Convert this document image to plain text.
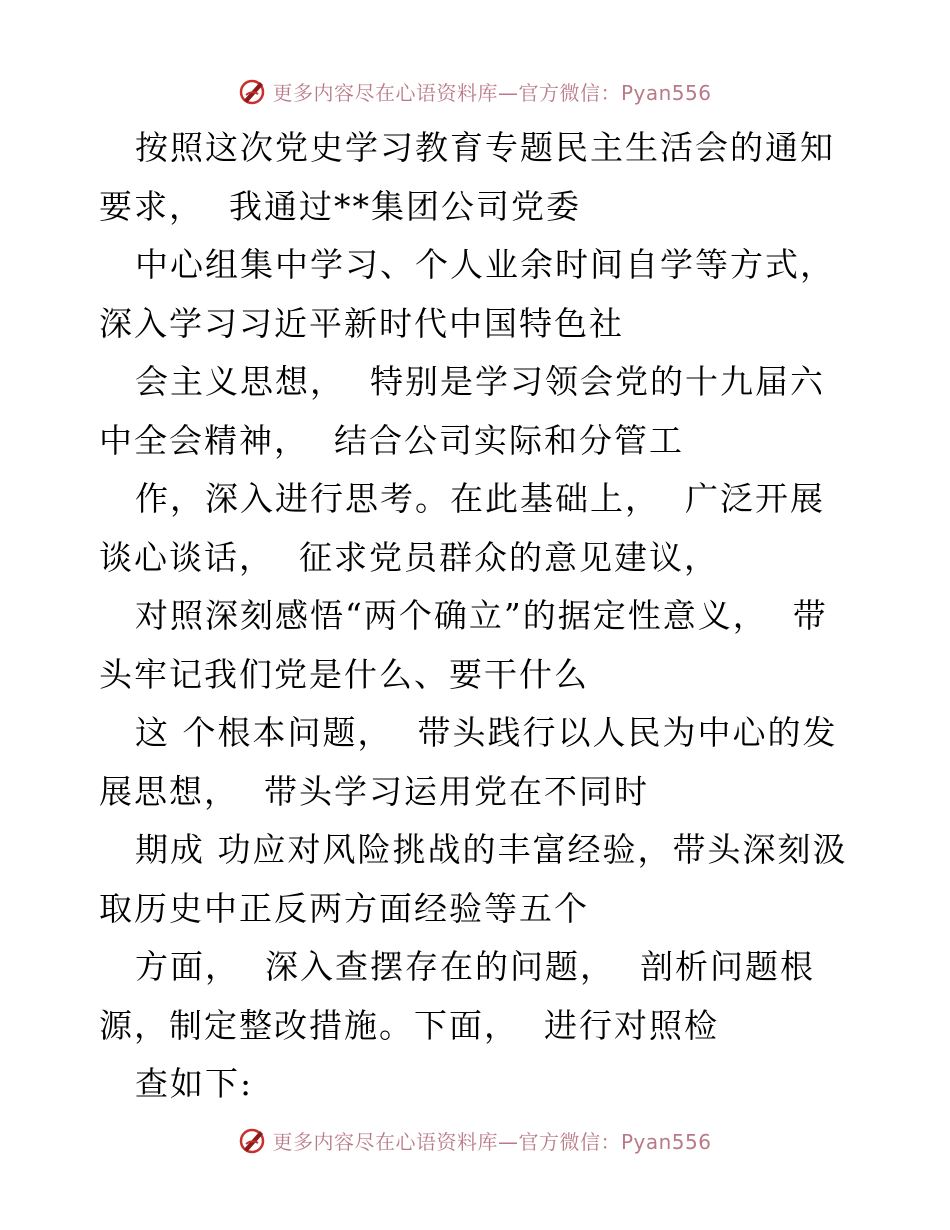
更多内容尽在心语资料库—官方微信：Pyan556

按照这次党史学习教育专题民主生活会的通知要求，  我通过**集团公司党委

中心组集中学习、个人业余时间自学等方式， 深入学习习近平新时代中国特色社

会主义思想，  特别是学习领会党的十九届六中全会精神，  结合公司实际和分管工

作，深入进行思考。在此基础上，  广泛开展谈心谈话，  征求党员群众的意见建议，

对照深刻感悟“两个确立”的据定性意义，  带头牢记我们党是什么、要干什么

这 个根本问题，  带头践行以人民为中心的发展思想，  带头学习运用党在不同时

期成 功应对风险挑战的丰富经验，带头深刻汲取历史中正反两方面经验等五个

方面，  深入查摆存在的问题，  剖析问题根源，制定整改措施。下面，  进行对照检

查如下:

更多内容尽在心语资料库—官方微信：Pyan556
